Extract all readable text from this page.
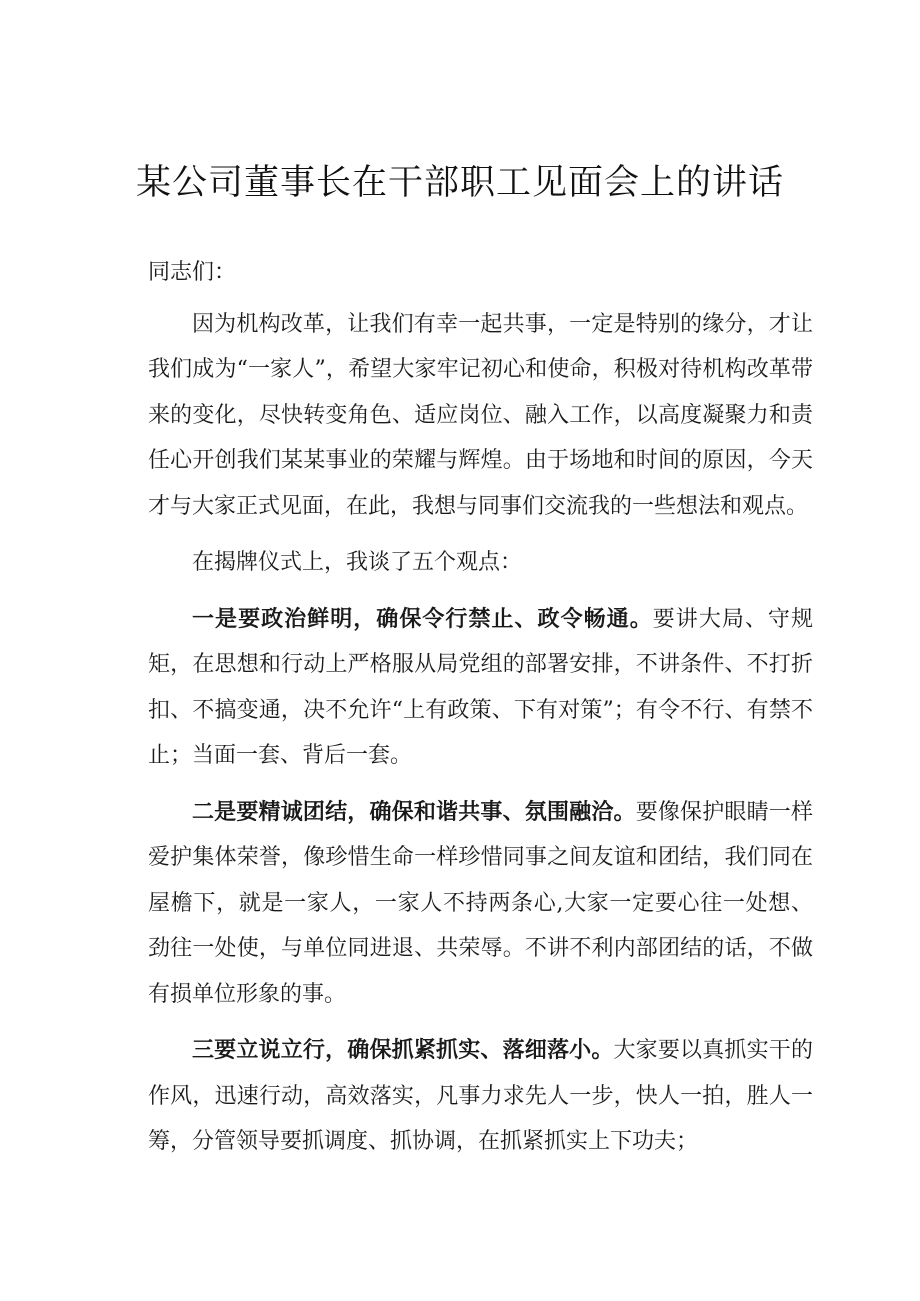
某公司董事长在干部职工见面会上的讲话

同志们：

因为机构改革，让我们有幸一起共事，一定是特别的缘分，才让我们成为“一家人”，希望大家牢记初心和使命，积极对待机构改革带来的变化，尽快转变角色、适应岗位、融入工作，以高度凝聚力和责任心开创我们某某事业的荣耀与辉煌。由于场地和时间的原因，今天才与大家正式见面，在此，我想与同事们交流我的一些想法和观点。

在揭牌仪式上，我谈了五个观点：

一是要政治鲜明，确保令行禁止、政令畅通。要讲大局、守规矩，在思想和行动上严格服从局党组的部署安排，不讲条件、不打折扣、不搞变通，决不允许“上有政策、下有对策”；有令不行、有禁不止；当面一套、背后一套。

二是要精诚团结，确保和谐共事、氛围融洽。要像保护眼睛一样爱护集体荣誉，像珍惜生命一样珍惜同事之间友谊和团结，我们同在屋檐下，就是一家人，一家人不持两条心,大家一定要心往一处想、劲往一处使，与单位同进退、共荣辱。不讲不利内部团结的话，不做有损单位形象的事。

三要立说立行，确保抓紧抓实、落细落小。大家要以真抓实干的作风，迅速行动，高效落实，凡事力求先人一步，快人一拍，胜人一筹，分管领导要抓调度、抓协调，在抓紧抓实上下功夫；
